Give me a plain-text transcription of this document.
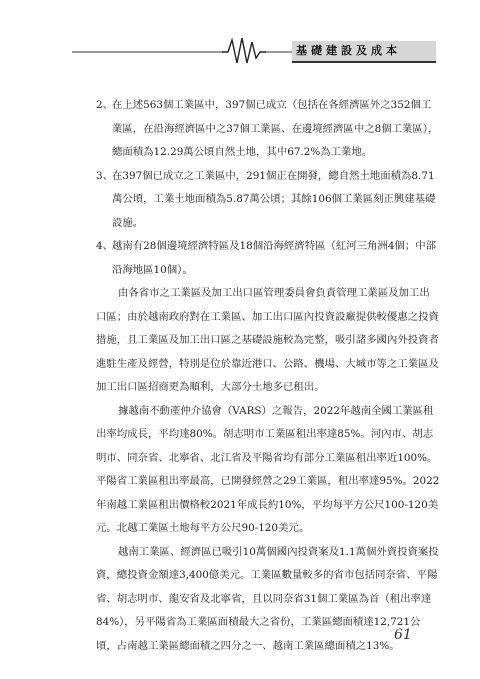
基礎建設及成本
2、
在上述563個工業區中，397個已成立（包括在各經濟區外之352個工業區，在沿海經濟區中之37個工業區、在邊境經濟區中之8個工業區），總面積為12.29萬公頃自然土地，其中67.2%為工業地。
3、
在397個已成立之工業區中，291個正在開發，總自然土地面積為8.71萬公頃，工業土地面積為5.87萬公頃；其餘106個工業區刻正興建基礎設施。
4、
越南有28個邊境經濟特區及18個沿海經濟特區（紅河三角洲4個；中部沿海地區10個）。
由各省市之工業區及加工出口區管理委員會負責管理工業區及加工出口區；由於越南政府對在工業區、加工出口區內投資設廠提供較優惠之投資措施，且工業區及加工出口區之基礎設施較為完整，吸引諸多國內外投資者進駐生產及經營，特別是位於靠近港口、公路、機場、大城市等之工業區及加工出口區招商更為順利，大部分土地多已租出。
據越南不動產仲介協會（VARS）之報告，2022年越南全國工業區租出率均成長，平均達80%。胡志明市工業區租出率達85%。河內市、胡志明市、同奈省、北寧省、北江省及平陽省均有部分工業區租出率近100%。平陽省工業區租出率最高，已開發經營之29工業區，租出率達95%。2022年南越工業區租出價格較2021年成長約10%，平均每平方公尺100-120美元。北越工業區土地每平方公尺90-120美元。
越南工業區、經濟區已吸引10萬個國內投資案及1.1萬個外資投資案投資，總投資金額達3,400億美元。工業區數量較多的省市包括同奈省、平陽省、胡志明市、龍安省及北寧省，且以同奈省31個工業區為首（租出率達84%），另平陽省為工業區面積最大之省份，工業區總面積達12,721公頃，占南越工業區總面積之四分之一、越南工業區總面積之13%。
61
